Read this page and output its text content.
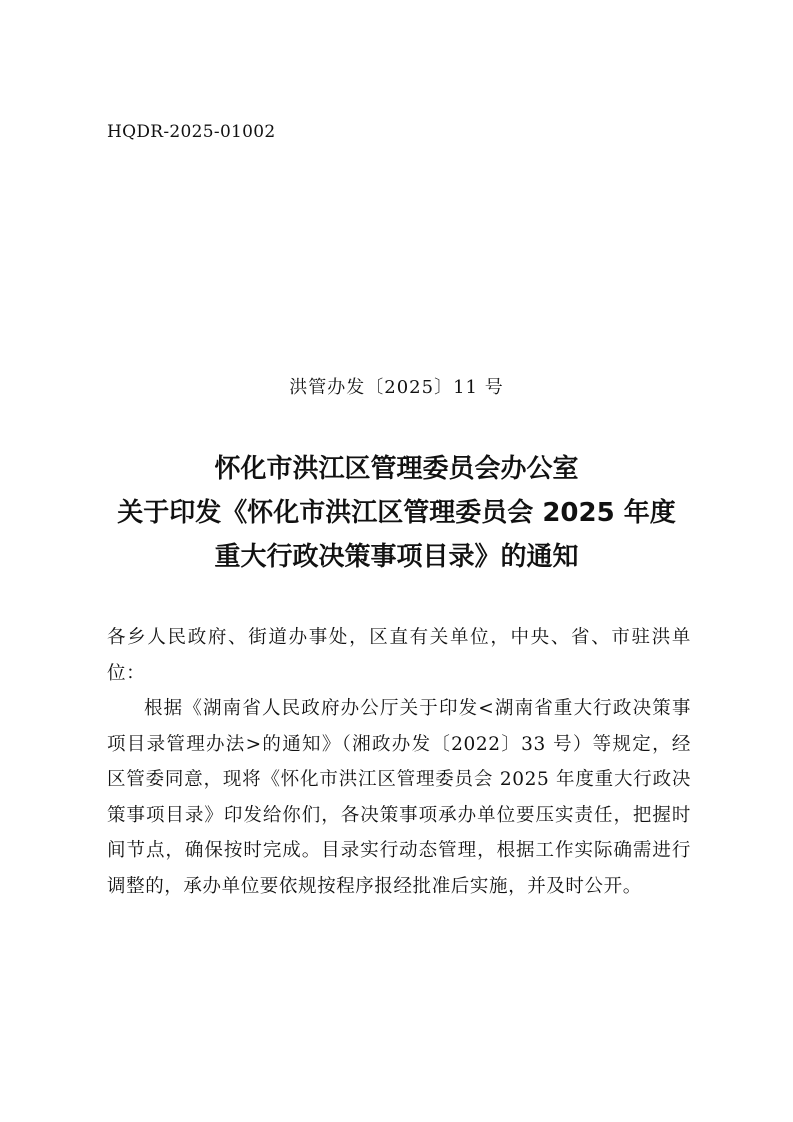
HQDR-2025-01002
洪管办发〔2025〕11 号
怀化市洪江区管理委员会办公室
关于印发《怀化市洪江区管理委员会 2025 年度
重大行政决策事项目录》的通知

各乡人民政府、街道办事处，区直有关单位，中央、省、市驻洪单位：

根据《湖南省人民政府办公厅关于印发<湖南省重大行政决策事项目录管理办法>的通知》（湘政办发〔2022〕33 号）等规定，经区管委同意，现将《怀化市洪江区管理委员会 2025 年度重大行政决策事项目录》印发给你们，各决策事项承办单位要压实责任，把握时间节点，确保按时完成。目录实行动态管理，根据工作实际确需进行调整的，承办单位要依规按程序报经批准后实施，并及时公开。
